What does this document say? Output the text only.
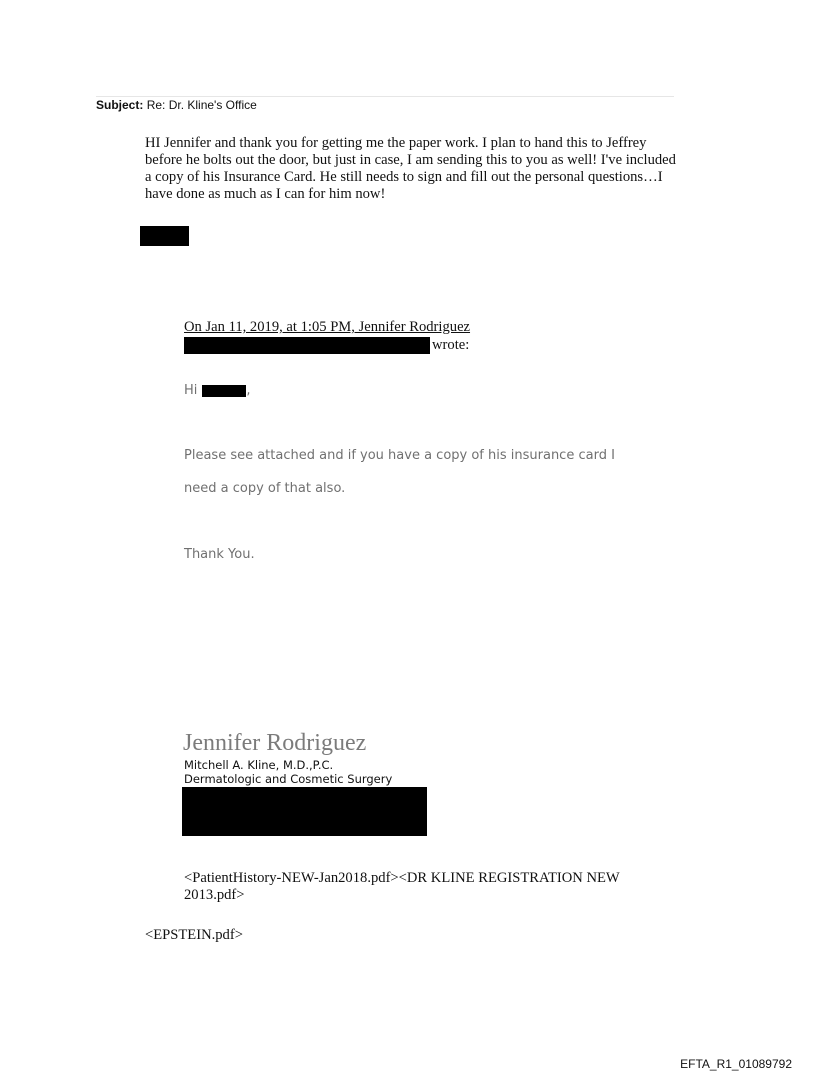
Subject: Re: Dr. Kline's Office
HI Jennifer and thank you for getting me the paper work. I plan to hand this to Jeffrey before he bolts out the door, but just in case, I am sending this to you as well! I've included a copy of his Insurance Card. He still needs to sign and fill out the personal questions…I have done as much as I can for him now!
On Jan 11, 2019, at 1:05 PM, Jennifer Rodriguez
wrote:
Hi	,
Please see attached and if you have a copy of his insurance card I
need a copy of that also.
Thank You.
Jennifer Rodriguez
Mitchell A. Kline, M.D.,P.C.
Dermatologic and Cosmetic Surgery
<PatientHistory-NEW-Jan2018.pdf><DR KLINE REGISTRATION NEW 2013.pdf>
<EPSTEIN.pdf>
EFTA_R1_01089792
